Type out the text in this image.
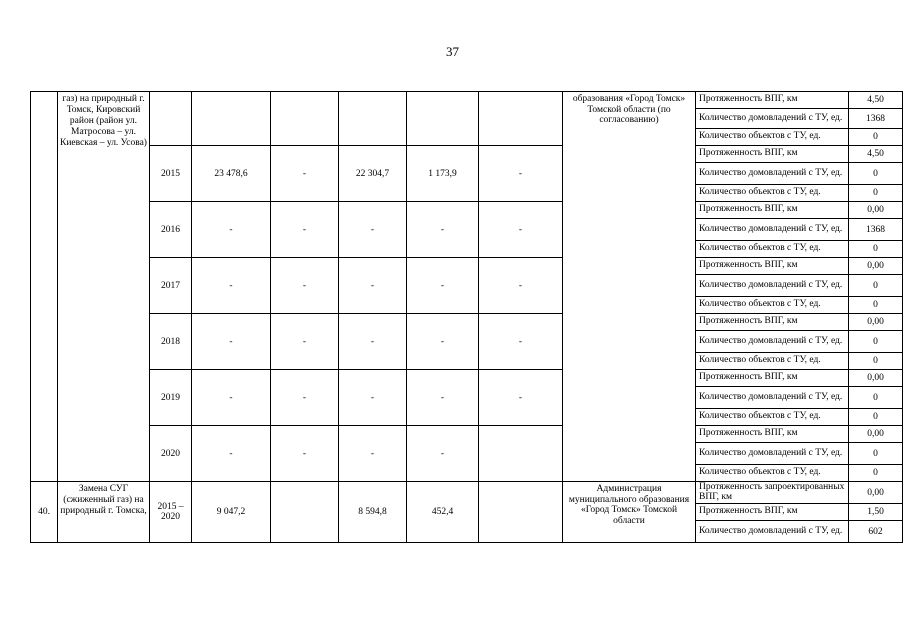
37
	газ) на природный г. Томск, Кировский район (район ул. Матросова – ул. Киевская – ул. Усова)							образования «Город Томск» Томской области (по согласованию)	Протяженность ВПГ, км	4,50
									Количество домовладений с ТУ, ед.	1368
									Количество объектов с ТУ, ед.	0
		2015	23 478,6	-	22 304,7	1 173,9	-		Протяженность ВПГ, км	4,50
									Количество домовладений с ТУ, ед.	0
									Количество объектов с ТУ, ед.	0
		2016	-	-	-	-	-		Протяженность ВПГ, км	0,00
									Количество домовладений с ТУ, ед.	1368
									Количество объектов с ТУ, ед.	0
		2017	-	-	-	-	-		Протяженность ВПГ, км	0,00
									Количество домовладений с ТУ, ед.	0
									Количество объектов с ТУ, ед.	0
		2018	-	-	-	-	-		Протяженность ВПГ, км	0,00
									Количество домовладений с ТУ, ед.	0
									Количество объектов с ТУ, ед.	0
		2019	-	-	-	-	-		Протяженность ВПГ, км	0,00
									Количество домовладений с ТУ, ед.	0
									Количество объектов с ТУ, ед.	0
		2020	-	-	-	-			Протяженность ВПГ, км	0,00
									Количество домовладений с ТУ, ед.	0
									Количество объектов с ТУ, ед.	0
40.	Замена СУГ (сжиженный газ) на природный г. Томска,	2015 – 2020	9 047,2		8 594,8	452,4		Администрация муниципального образования «Город Томск» Томской области	Протяженность запроектированных ВПГ, км	0,00
									Протяженность ВПГ, км	1,50
									Количество домовладений с ТУ, ед.	602
